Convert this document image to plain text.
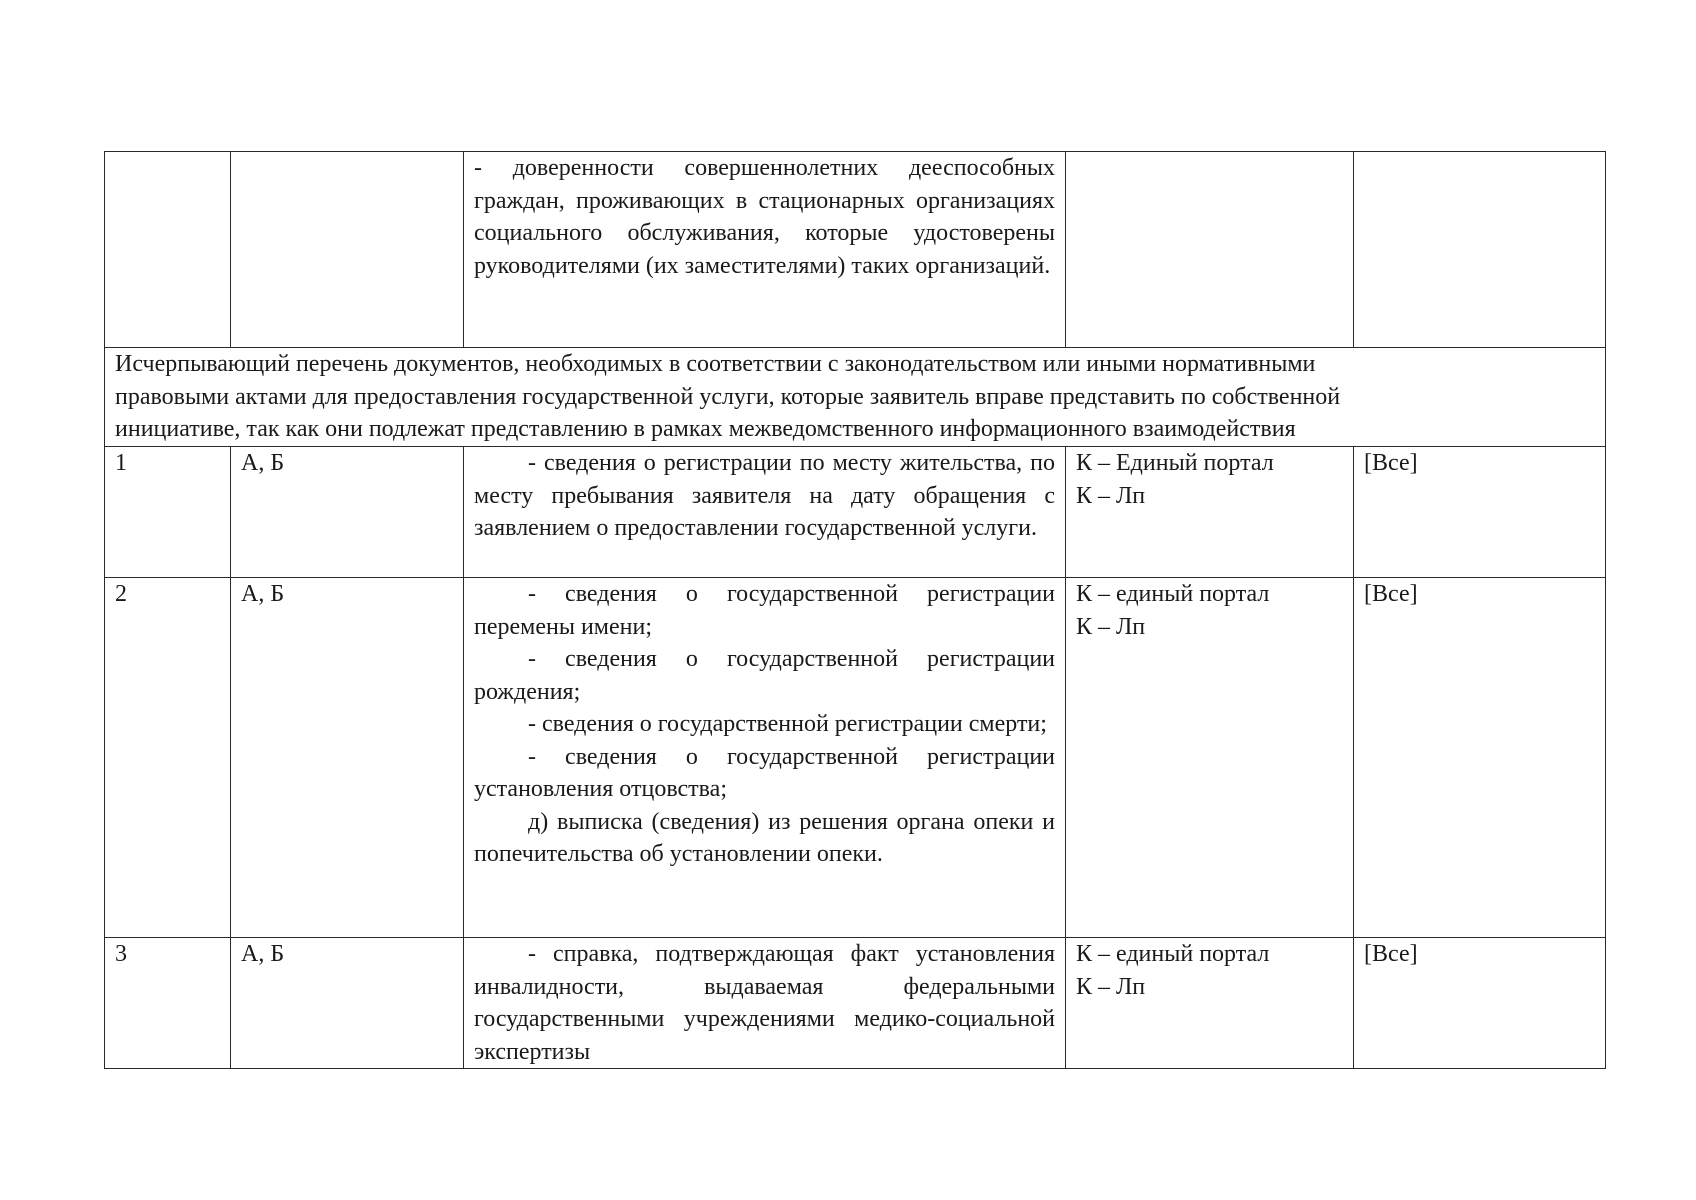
		- доверенности совершеннолетних дееспособных граждан, проживающих в стационарных организациях социального обслуживания, которые удостоверены руководителями (их заместителями) таких организаций.		

Исчерпывающий перечень документов, необходимых в соответствии с законодательством или иными нормативными
правовыми актами для предоставления государственной услуги, которые заявитель вправе представить по собственной
инициативе, так как они подлежат представлению в рамках межведомственного информационного взаимодействия				

1	А, Б	- сведения о регистрации по месту жительства, по месту пребывания заявителя на дату обращения с заявлением о предоставлении государственной услуги.	К – Единый портал
К – Лп	[Все]
2	А, Б	- сведения о государственной регистрации перемены имени;
- сведения о государственной регистрации рождения;
- сведения о государственной регистрации смерти;
- сведения о государственной регистрации установления отцовства;
д) выписка (сведения) из решения органа опеки и попечительства об установлении опеки.	К – единый портал
К – Лп	[Все]
3	А, Б	- справка, подтверждающая факт установления инвалидности, выдаваемая федеральными государственными учреждениями медико-социальной экспертизы	К – единый портал
К – Лп	[Все]
